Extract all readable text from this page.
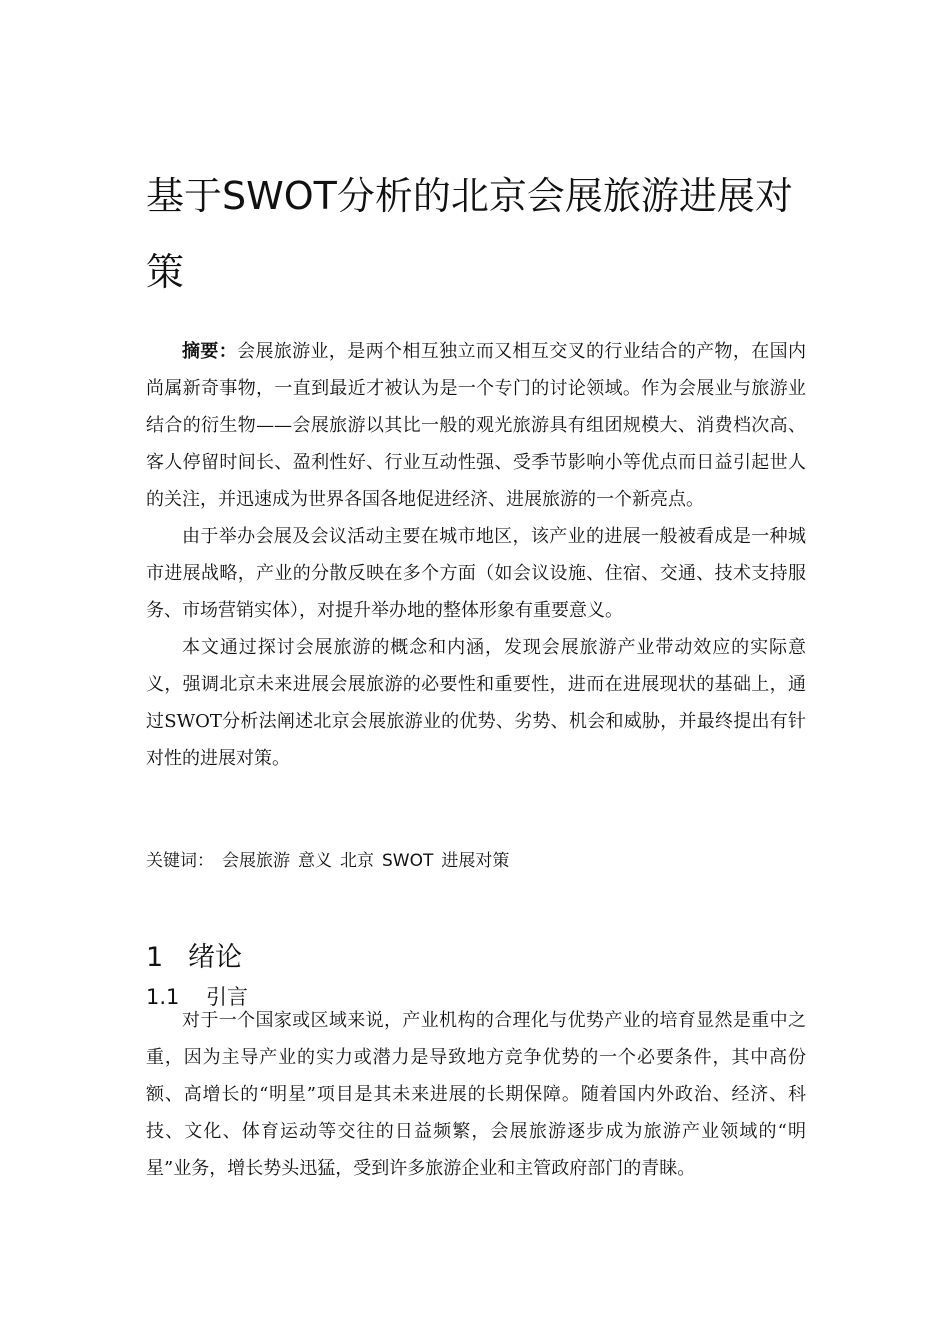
基于SWOT分析的北京会展旅游进展对策

摘要：会展旅游业，是两个相互独立而又相互交叉的行业结合的产物，在国内尚属新奇事物，一直到最近才被认为是一个专门的讨论领域。作为会展业与旅游业结合的衍生物——会展旅游以其比一般的观光旅游具有组团规模大、消费档次高、客人停留时间长、盈利性好、行业互动性强、受季节影响小等优点而日益引起世人的关注，并迅速成为世界各国各地促进经济、进展旅游的一个新亮点。

由于举办会展及会议活动主要在城市地区，该产业的进展一般被看成是一种城市进展战略，产业的分散反映在多个方面（如会议设施、住宿、交通、技术支持服务、市场营销实体），对提升举办地的整体形象有重要意义。

本文通过探讨会展旅游的概念和内涵，发现会展旅游产业带动效应的实际意义，强调北京未来进展会展旅游的必要性和重要性，进而在进展现状的基础上，通过SWOT分析法阐述北京会展旅游业的优势、劣势、机会和威胁，并最终提出有针对性的进展对策。

关键词： 会展旅游 意义 北京 SWOT 进展对策

1 绪论
1.1 引言

对于一个国家或区域来说，产业机构的合理化与优势产业的培育显然是重中之重，因为主导产业的实力或潜力是导致地方竞争优势的一个必要条件，其中高份额、高增长的“明星”项目是其未来进展的长期保障。随着国内外政治、经济、科技、文化、体育运动等交往的日益频繁，会展旅游逐步成为旅游产业领域的“明星”业务，增长势头迅猛，受到许多旅游企业和主管政府部门的青睐。
